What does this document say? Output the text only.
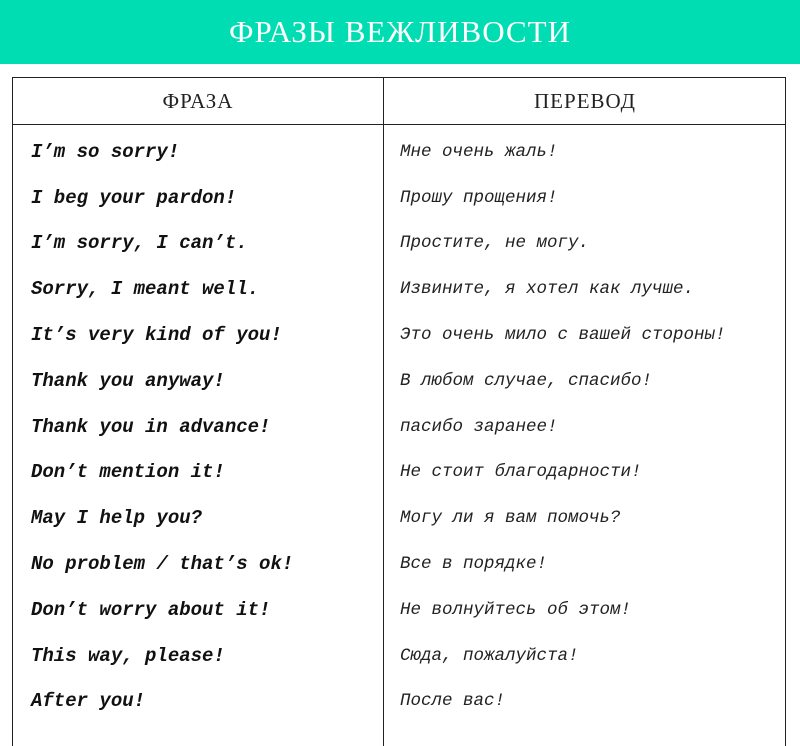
ФРАЗЫ ВЕЖЛИВОСТИ
ФРАЗА	ПЕРЕВОД
I’m so sorry!	Мне очень жаль!
I beg your pardon!	Прошу прощения!
I’m sorry, I can’t.	Простите, не могу.
Sorry, I meant well.	Извините, я хотел как лучше.
It’s very kind of you!	Это очень мило с вашей стороны!
Thank you anyway!	В любом случае, спасибо!
Thank you in advance!	пасибо заранее!
Don’t mention it!	Не стоит благодарности!
May I help you?	Могу ли я вам помочь?
No problem / that’s ok!	Все в порядке!
Don’t worry about it!	Не волнуйтесь об этом!
This way, please!	Сюда, пожалуйста!
After you!	После вас!
